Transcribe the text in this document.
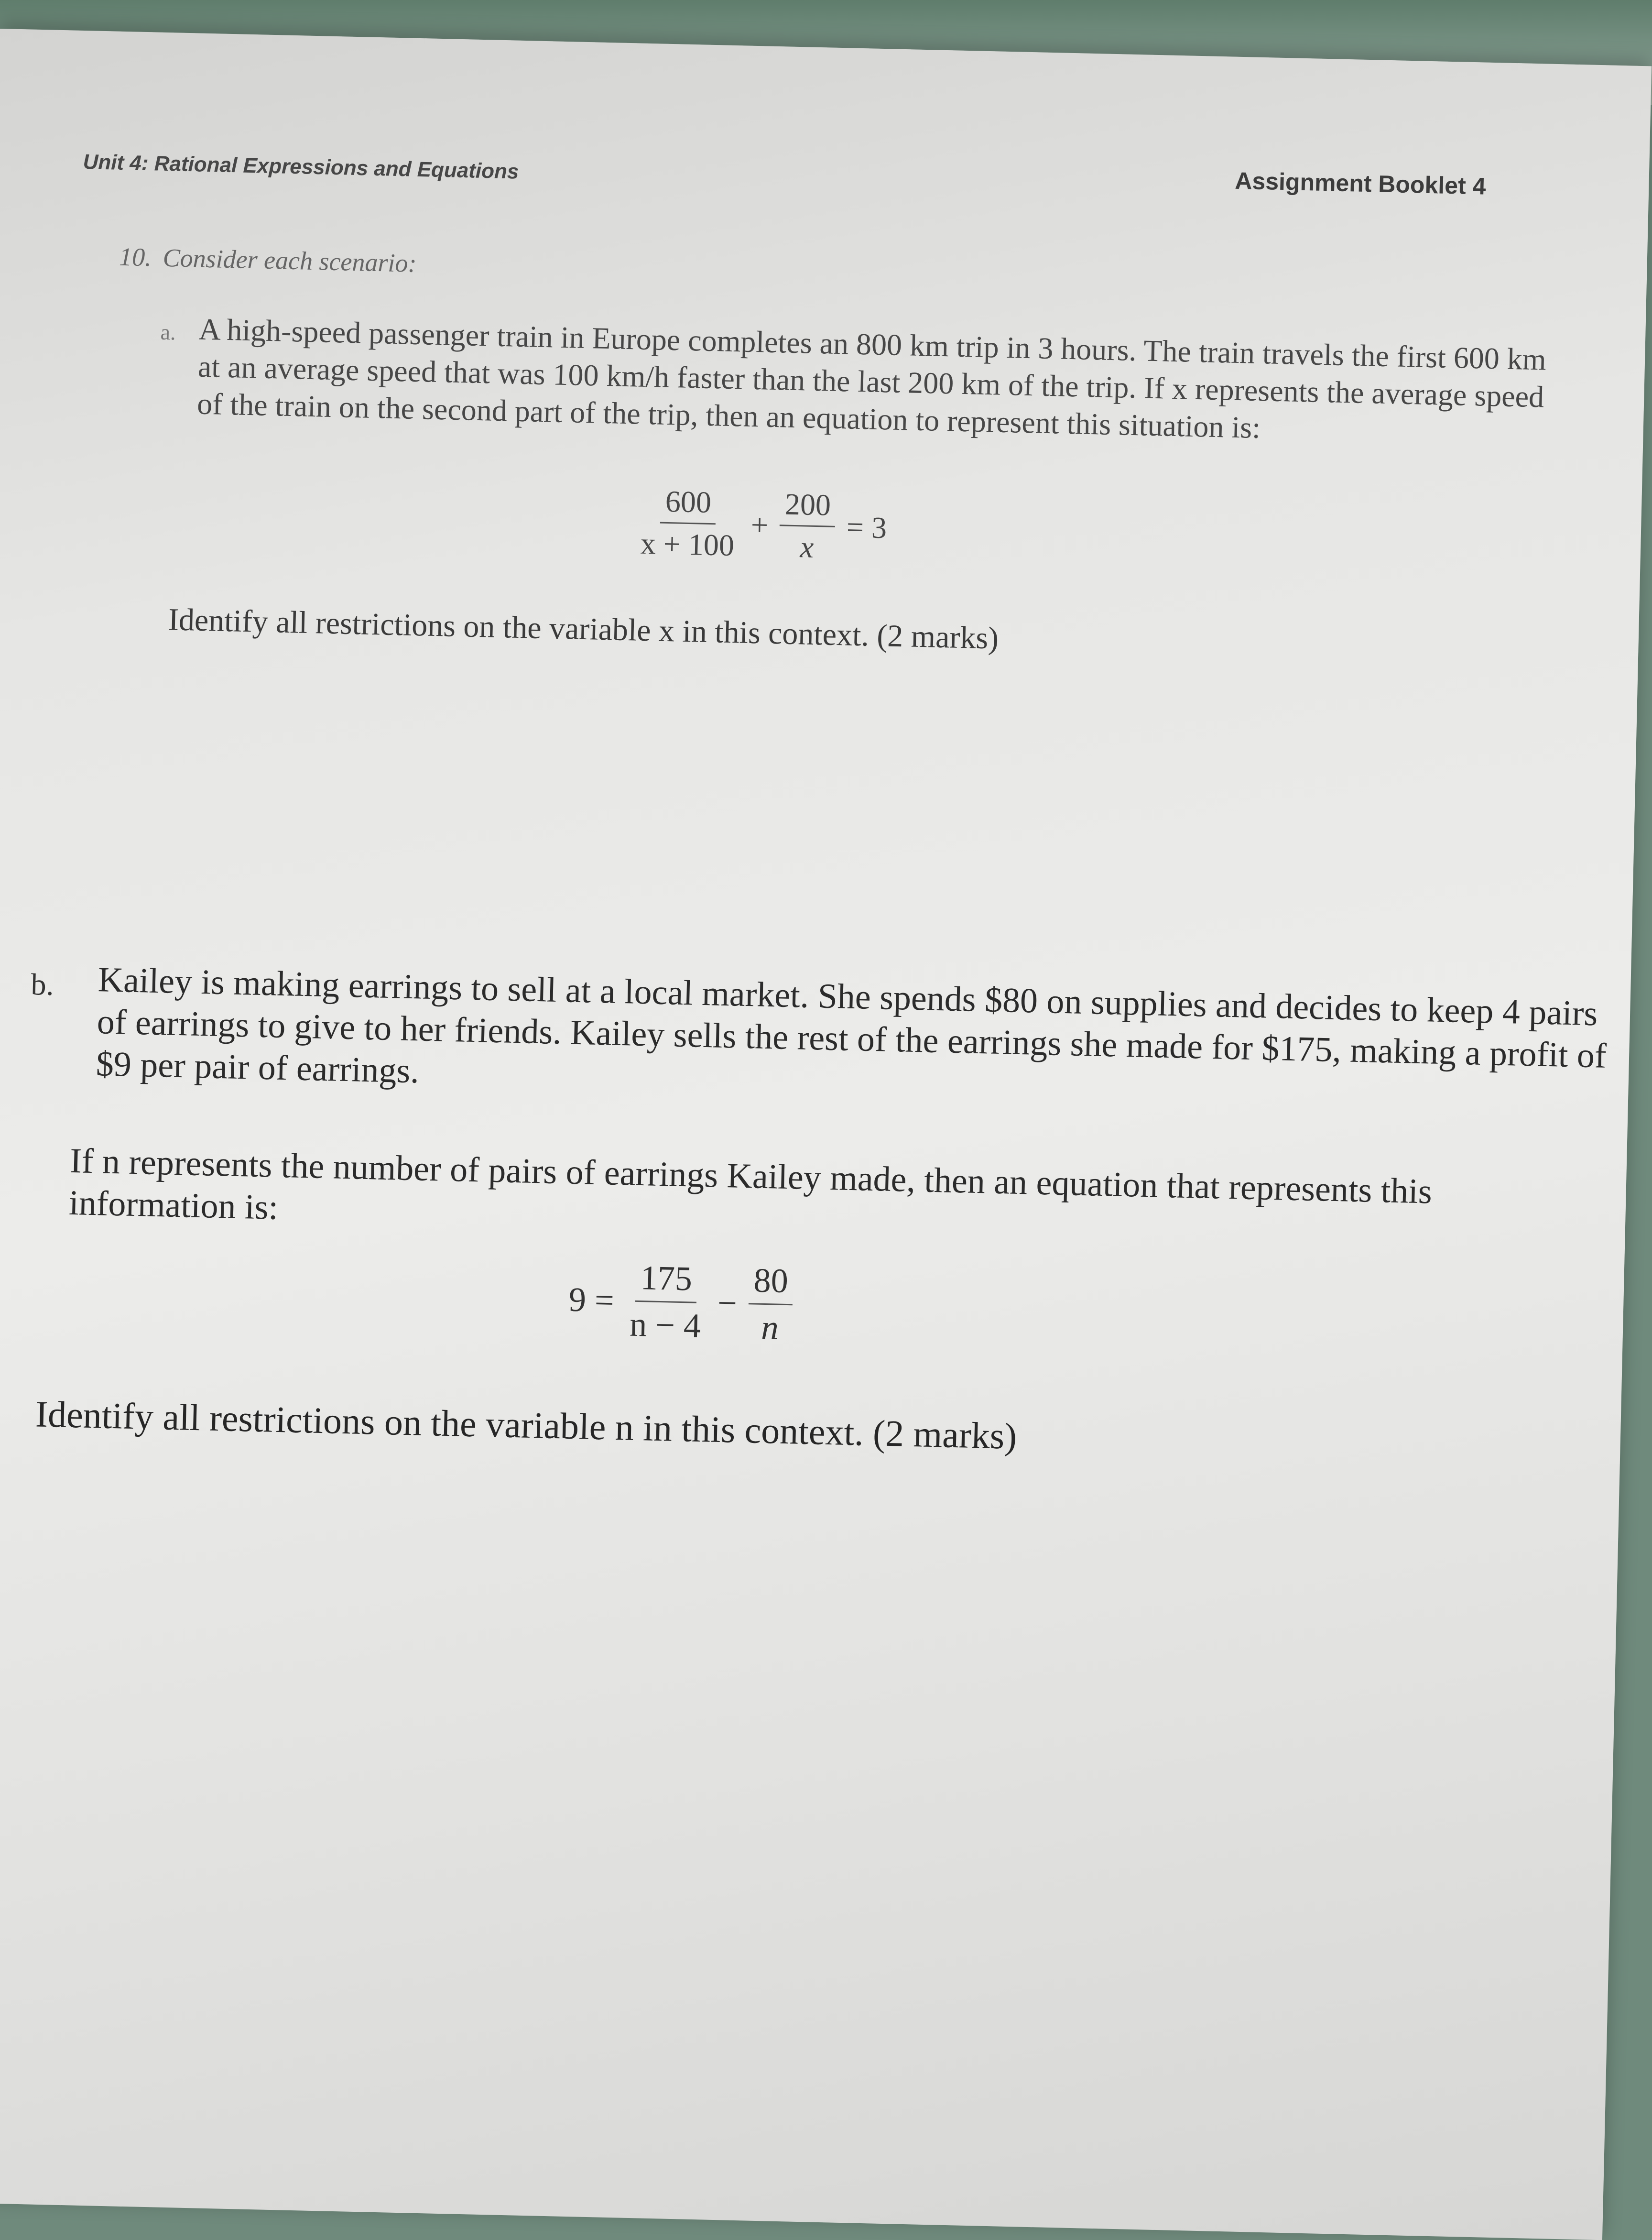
Unit 4: Rational Expressions and Equations	Assignment Booklet 4
10. Consider each scenario:
a. A high-speed passenger train in Europe completes an 800 km trip in 3 hours. The train travels the first 600 km at an average speed that was 100 km/h faster than the last 200 km of the trip. If x represents the average speed of the train on the second part of the trip, then an equation to represent this situation is:
$\frac{600}{x + 100} + \frac{200}{x} = 3$
Identify all restrictions on the variable x in this context. (2 marks)
b. Kailey is making earrings to sell at a local market. She spends $80 on supplies and decides to keep 4 pairs of earrings to give to her friends. Kailey sells the rest of the earrings she made for $175, making a profit of $9 per pair of earrings.
If n represents the number of pairs of earrings Kailey made, then an equation that represents this information is:
$9 = \frac{175}{n - 4} - \frac{80}{n}$
Identify all restrictions on the variable n in this context. (2 marks)
